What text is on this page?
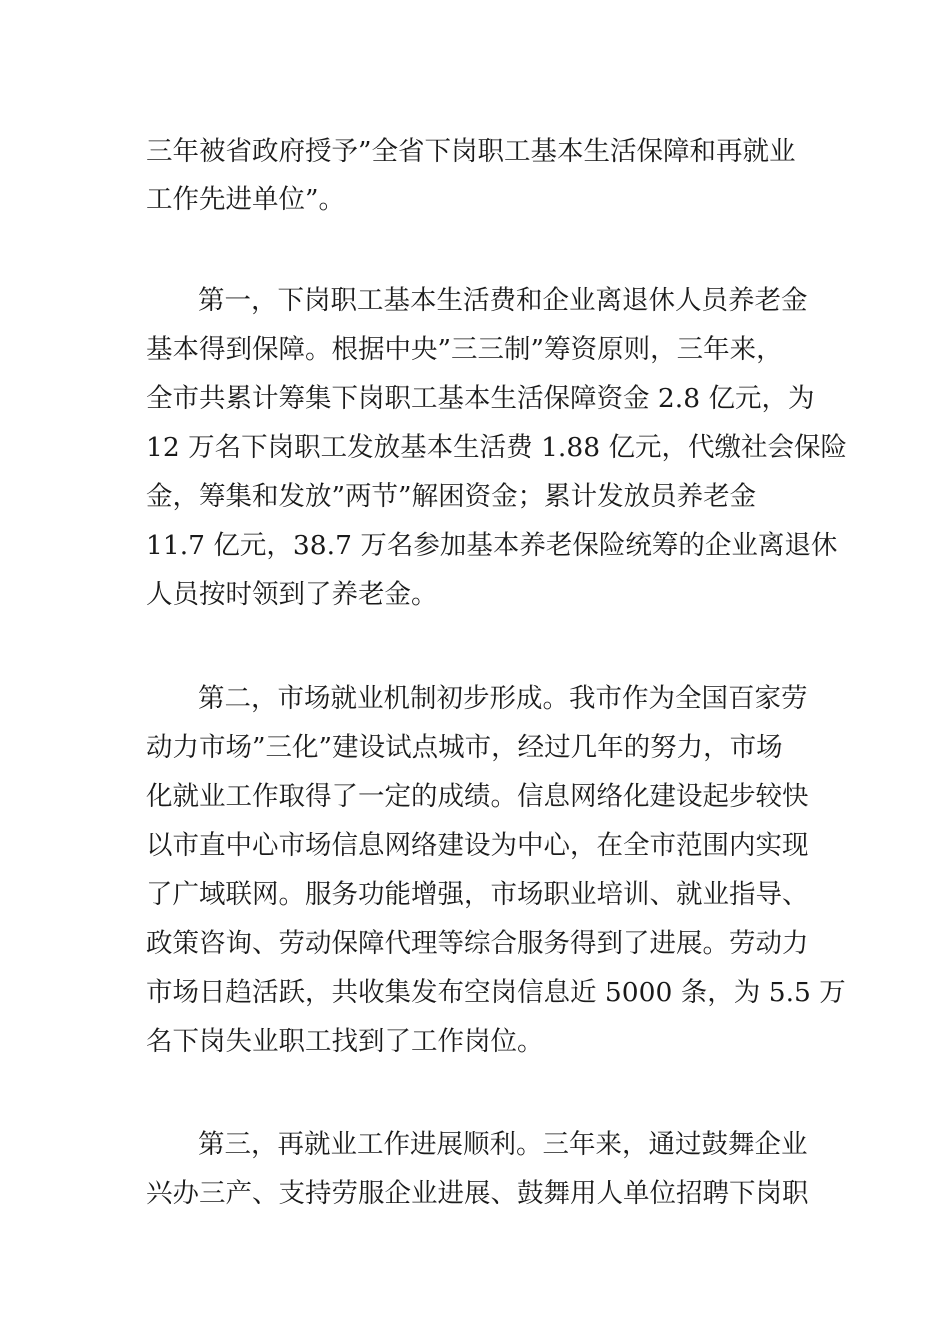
三年被省政府授予”全省下岗职工基本生活保障和再就业
工作先进单位”。
第一，下岗职工基本生活费和企业离退休人员养老金
基本得到保障。根据中央”三三制”筹资原则，三年来，
全市共累计筹集下岗职工基本生活保障资金 2.8 亿元，为
12 万名下岗职工发放基本生活费 1.88 亿元，代缴社会保险
金，筹集和发放”两节”解困资金；累计发放员养老金
11.7 亿元，38.7 万名参加基本养老保险统筹的企业离退休
人员按时领到了养老金。
第二，市场就业机制初步形成。我市作为全国百家劳
动力市场”三化”建设试点城市，经过几年的努力，市场
化就业工作取得了一定的成绩。信息网络化建设起步较快
以市直中心市场信息网络建设为中心，在全市范围内实现
了广域联网。服务功能增强，市场职业培训、就业指导、
政策咨询、劳动保障代理等综合服务得到了进展。劳动力
市场日趋活跃，共收集发布空岗信息近 5000 条，为 5.5 万
名下岗失业职工找到了工作岗位。
第三，再就业工作进展顺利。三年来，通过鼓舞企业
兴办三产、支持劳服企业进展、鼓舞用人单位招聘下岗职
